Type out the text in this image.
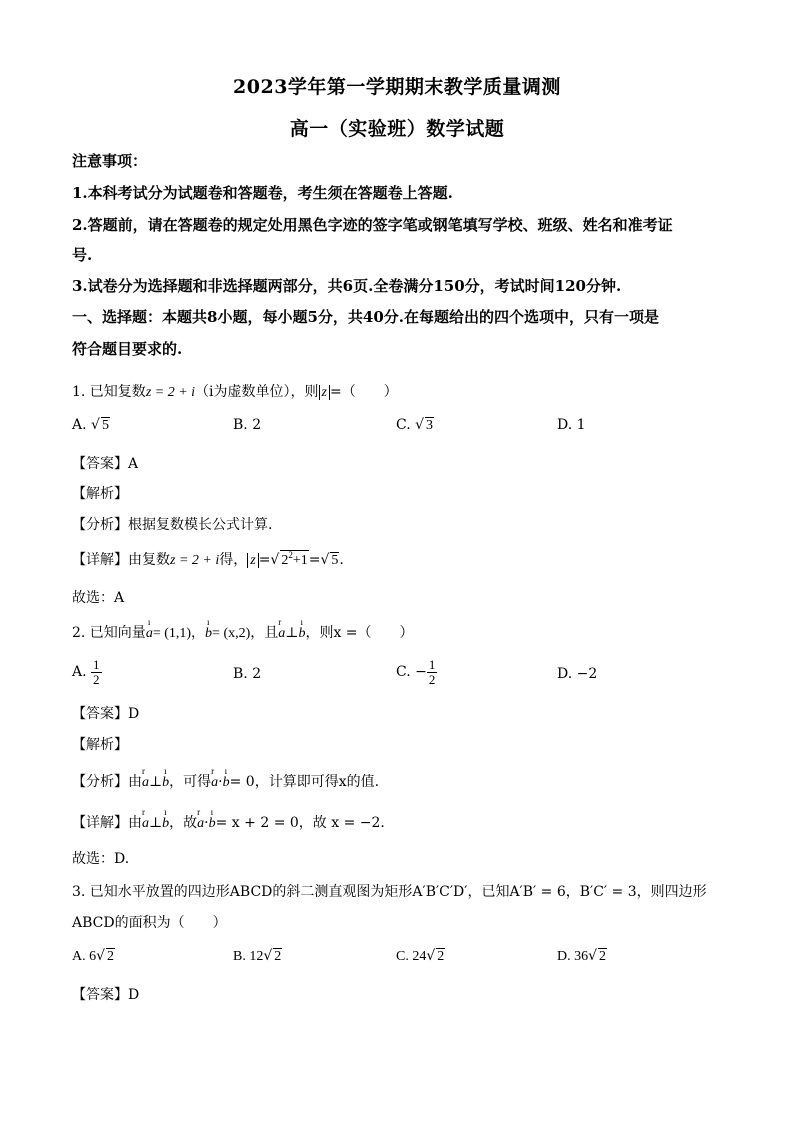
2023学年第一学期期末教学质量调测
高一（实验班）数学试题
注意事项：
1.本科考试分为试题卷和答题卷，考生须在答题卷上答题.
2.答题前，请在答题卷的规定处用黑色字迹的签字笔或钢笔填写学校、班级、姓名和准考证
号.
3.试卷分为选择题和非选择题两部分，共6页.全卷满分150分，考试时间120分钟.
一、选择题：本题共8小题，每小题5分，共40分.在每题给出的四个选项中，只有一项是
符合题目要求的.
1. 已知复数z = 2 + i（i为虚数单位），则 z =（　　）
A. √ 5	B. 2	C. √ 3	D. 1
【答案】A
【解析】
【分析】根据复数模长公式计算.
【详解】由复数z = 2 + i得， z =√ $2^2+1=√$ 5.
故选：A
2. 已知向量ı a= (1,1)，ı b= (x,2)，且r a⊥ı b，则x =（　　）
A. $\frac{1}{2}$	B. 2	C. − $\frac{1}{2}$	D. −2
【答案】D
【解析】
【分析】由r a⊥ı b，可得r a·ı b= 0，计算即可得x的值.
【详解】由r a⊥ı b，故r a·ı b= x + 2 = 0，故 x = −2.
故选：D.
3. 已知水平放置的四边形ABCD的斜二测直观图为矩形A′B′C′D′，已知A′B′ = 6，B′C′ = 3，则四边形
ABCD的面积为（　　）
A. 6√ 2	B. 12√ 2	C. 24√ 2	D. 36√ 2
【答案】D
